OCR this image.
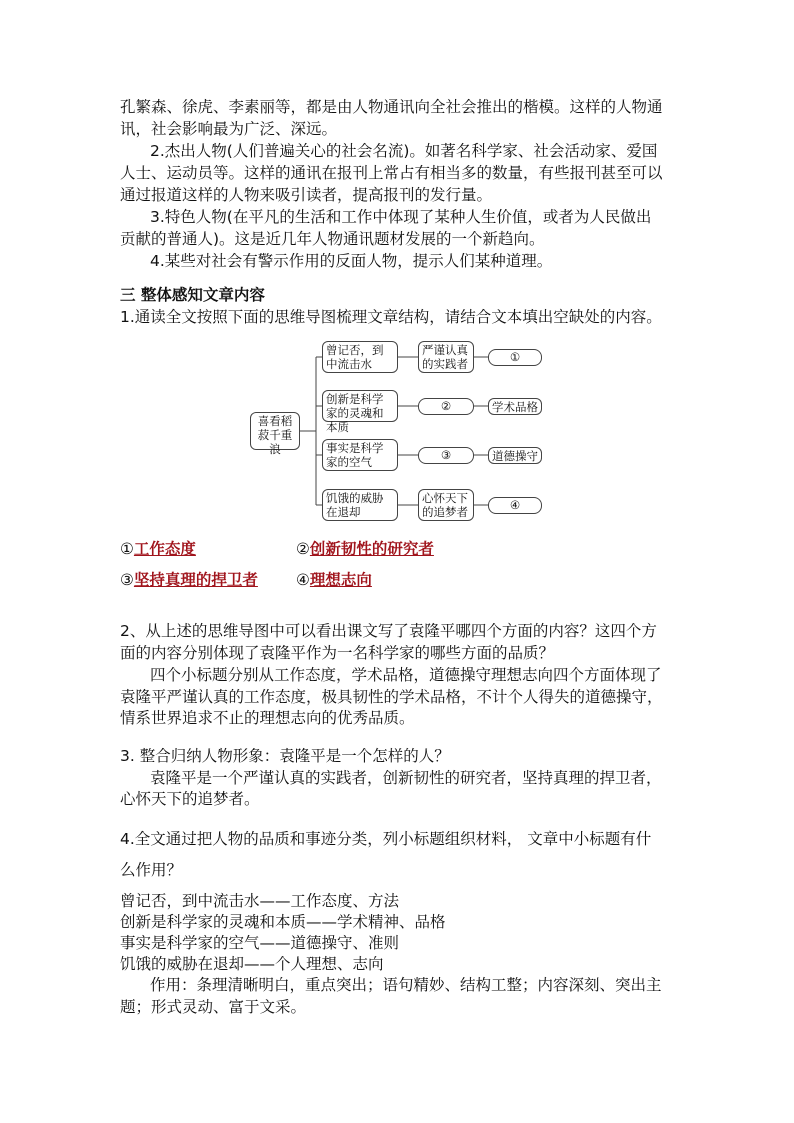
孔繁森、徐虎、李素丽等，都是由人物通讯向全社会推出的楷模。这样的人物通
讯，社会影响最为广泛、深远。
2.杰出人物(人们普遍关心的社会名流)。如著名科学家、社会活动家、爱国
人士、运动员等。这样的通讯在报刊上常占有相当多的数量，有些报刊甚至可以
通过报道这样的人物来吸引读者，提高报刊的发行量。
3.特色人物(在平凡的生活和工作中体现了某种人生价值，或者为人民做出
贡献的普通人)。这是近几年人物通讯题材发展的一个新趋向。
4.某些对社会有警示作用的反面人物，提示人们某种道理。
三 整体感知文章内容
1.通读全文按照下面的思维导图梳理文章结构，请结合文本填出空缺处的内容。
喜看稻菽千重浪
曾记否，到中流击水
严谨认真的实践者	①
创新是科学家的灵魂和本质
②	学术品格
事实是科学家的空气	③	道德操守
饥饿的威胁在退却
心怀天下的追梦者	④
①工作态度	②创新韧性的研究者
③坚持真理的捍卫者 ④理想志向
2、从上述的思维导图中可以看出课文写了袁隆平哪四个方面的内容？这四个方
面的内容分别体现了袁隆平作为一名科学家的哪些方面的品质？
四个小标题分别从工作态度，学术品格，道德操守理想志向四个方面体现了
袁隆平严谨认真的工作态度，极具韧性的学术品格，不计个人得失的道德操守，
情系世界追求不止的理想志向的优秀品质。
3. 整合归纳人物形象：袁隆平是一个怎样的人？
袁隆平是一个严谨认真的实践者，创新韧性的研究者，坚持真理的捍卫者，
心怀天下的追梦者。
4.全文通过把人物的品质和事迹分类，列小标题组织材料， 文章中小标题有什
么作用？
曾记否，到中流击水——工作态度、方法
创新是科学家的灵魂和本质——学术精神、品格
事实是科学家的空气——道德操守、准则
饥饿的威胁在退却——个人理想、志向
作用：条理清晰明白，重点突出；语句精妙、结构工整；内容深刻、突出主
题；形式灵动、富于文采。
